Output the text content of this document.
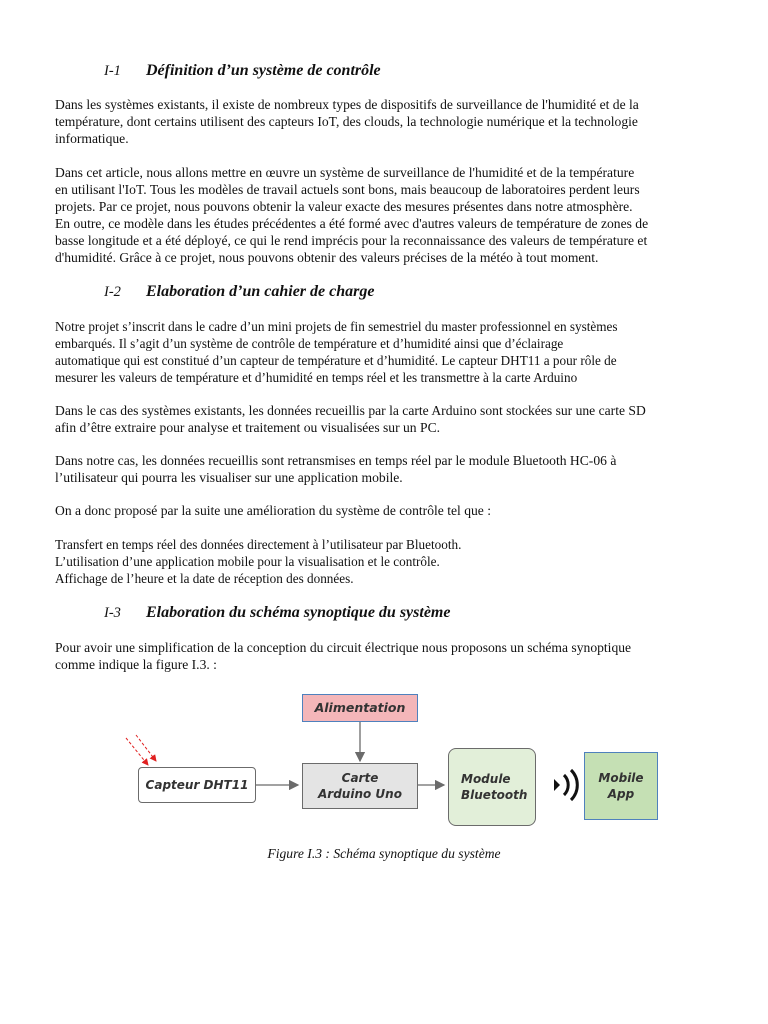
I-1 Définition d’un système de contrôle
Dans les systèmes existants, il existe de nombreux types de dispositifs de surveillance de l'humidité et de la
température, dont certains utilisent des capteurs IoT, des clouds, la technologie numérique et la technologie
informatique.
Dans cet article, nous allons mettre en œuvre un système de surveillance de l'humidité et de la température
en utilisant l'IoT. Tous les modèles de travail actuels sont bons, mais beaucoup de laboratoires perdent leurs
projets. Par ce projet, nous pouvons obtenir la valeur exacte des mesures présentes dans notre atmosphère.
En outre, ce modèle dans les études précédentes a été formé avec d'autres valeurs de température de zones de
basse longitude et a été déployé, ce qui le rend imprécis pour la reconnaissance des valeurs de température et
d'humidité. Grâce à ce projet, nous pouvons obtenir des valeurs précises de la météo à tout moment.
I-2 Elaboration d’un cahier de charge
Notre projet s’inscrit dans le cadre d’un mini projets de fin semestriel du master professionnel en systèmes
embarqués. Il s’agit d’un système de contrôle de température et d’humidité ainsi que d’éclairage
automatique qui est constitué d’un capteur de température et d’humidité. Le capteur DHT11 a pour rôle de
mesurer les valeurs de température et d’humidité en temps réel et les transmettre à la carte Arduino
Dans le cas des systèmes existants, les données recueillis par la carte Arduino sont stockées sur une carte SD
afin d’être extraire pour analyse et traitement ou visualisées sur un PC.
Dans notre cas, les données recueillis sont retransmises en temps réel par le module Bluetooth HC-06 à
l’utilisateur qui pourra les visualiser sur une application mobile.
On a donc proposé par la suite une amélioration du système de contrôle tel que :
Transfert en temps réel des données directement à l’utilisateur par Bluetooth.
L’utilisation d’une application mobile pour la visualisation et le contrôle.
Affichage de l’heure et la date de réception des données.
I-3 Elaboration du schéma synoptique du système
Pour avoir une simplification de la conception du circuit électrique nous proposons un schéma synoptique
comme indique la figure I.3. :
Alimentation
Capteur DHT11	Carte
Arduino Uno
Module
Bluetooth
Mobile
App
Figure I.3 : Schéma synoptique du système
